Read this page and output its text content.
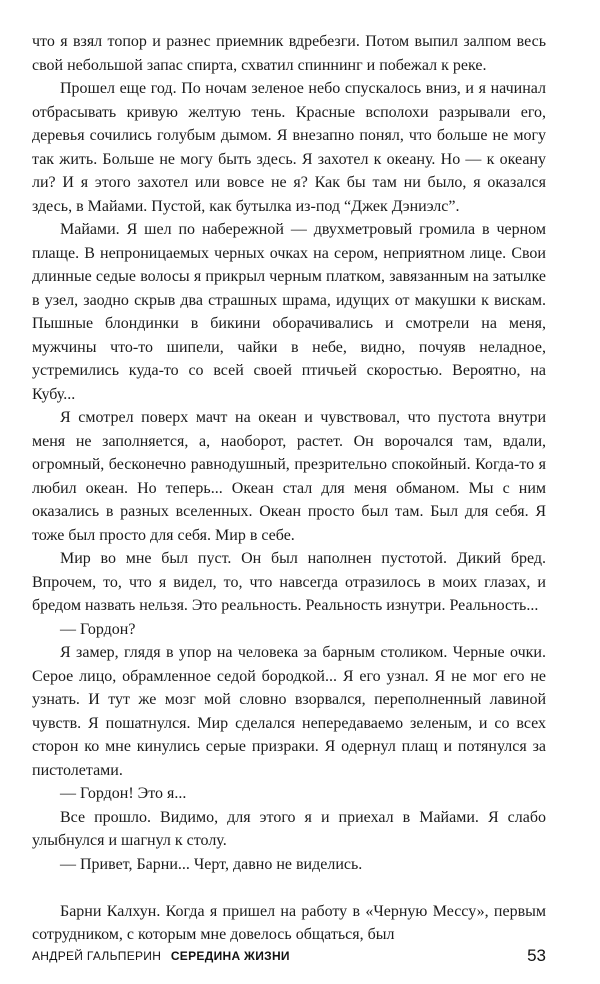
что я взял топор и разнес приемник вдребезги. Потом выпил залпом весь свой небольшой запас спирта, схватил спиннинг и побежал к реке.

Прошел еще год. По ночам зеленое небо спускалось вниз, и я начинал отбрасывать кривую желтую тень. Красные всполохи разрывали его, деревья сочились голубым дымом. Я внезапно понял, что больше не могу так жить. Больше не могу быть здесь. Я захотел к океану. Но — к океану ли? И я этого захотел или вовсе не я? Как бы там ни было, я оказался здесь, в Майами. Пустой, как бутылка из-под “Джек Дэниэлс”.

Майами. Я шел по набережной — двухметровый громила в черном плаще. В непроницаемых черных очках на сером, неприятном лице. Свои длинные седые волосы я прикрыл черным платком, завязанным на затылке в узел, заодно скрыв два страшных шрама, идущих от макушки к вискам. Пышные блондинки в бикини оборачивались и смотрели на меня, мужчины что-то шипели, чайки в небе, видно, почуяв неладное, устремились куда-то со всей своей птичьей скоростью. Вероятно, на Кубу...

Я смотрел поверх мачт на океан и чувствовал, что пустота внутри меня не заполняется, а, наоборот, растет. Он ворочался там, вдали, огромный, бесконечно равнодушный, презрительно спокойный. Когда-то я любил океан. Но теперь... Океан стал для меня обманом. Мы с ним оказались в разных вселенных. Океан просто был там. Был для себя. Я тоже был просто для себя. Мир в себе.

Мир во мне был пуст. Он был наполнен пустотой. Дикий бред. Впрочем, то, что я видел, то, что навсегда отразилось в моих глазах, и бредом назвать нельзя. Это реальность. Реальность изнутри. Реальность...

— Гордон?

Я замер, глядя в упор на человека за барным столиком. Черные очки. Серое лицо, обрамленное седой бородкой... Я его узнал. Я не мог его не узнать. И тут же мозг мой словно взорвался, переполненный лавиной чувств. Я пошатнулся. Мир сделался непередаваемо зеленым, и со всех сторон ко мне кинулись серые призраки. Я одернул плащ и потянулся за пистолетами.

— Гордон! Это я...

Все прошло. Видимо, для этого я и приехал в Майами. Я слабо улыбнулся и шагнул к столу.

— Привет, Барни... Черт, давно не виделись.

Барни Калхун. Когда я пришел на работу в «Черную Мессу», первым сотрудником, с которым мне довелось общаться, был

АНДРЕЙ ГАЛЬПЕРИН СЕРЕДИНА ЖИЗНИ	53
